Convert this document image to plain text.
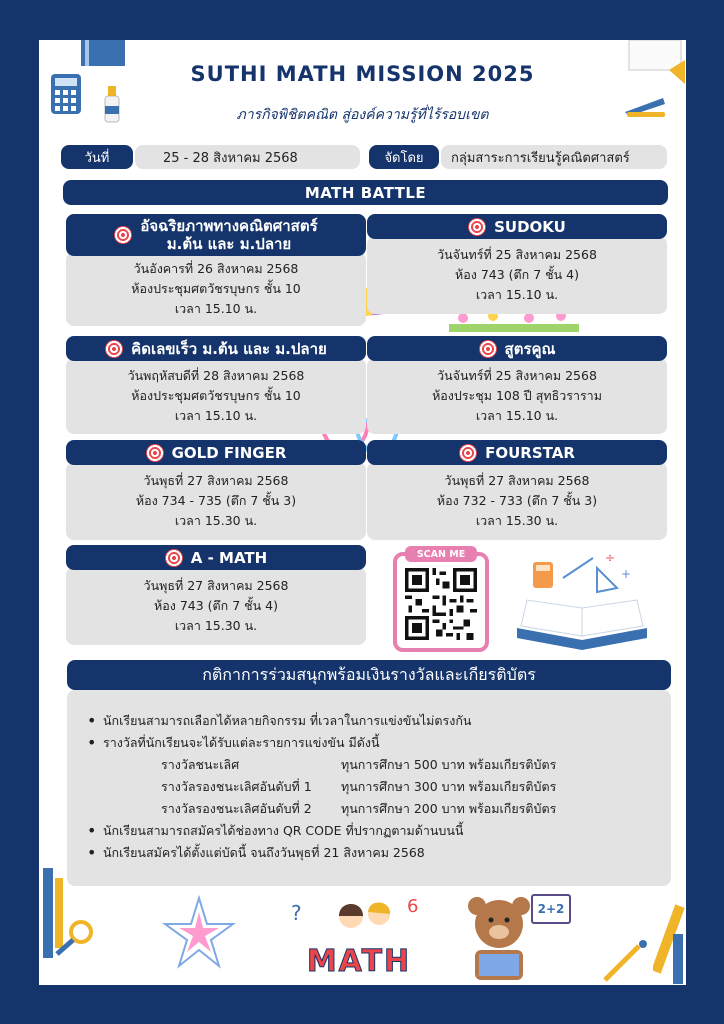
SUTHI MATH MISSION 2025
ภารกิจพิชิตคณิต สู่องค์ความรู้ที่ไร้รอบเขต
วันที่	25 - 28 สิงหาคม 2568	จัดโดย	กลุ่มสาระการเรียนรู้คณิตศาสตร์
MATH BATTLE
อัจฉริยภาพทางคณิตศาสตร์
ม.ต้น และ ม.ปลาย
วันอังคารที่ 26 สิงหาคม 2568
ห้องประชุมศตวัชรบุษกร ชั้น 10
เวลา 15.10 น.
SUDOKU
วันจันทร์ที่ 25 สิงหาคม 2568
ห้อง 743 (ตึก 7 ชั้น 4)
เวลา 15.10 น.
คิดเลขเร็ว ม.ต้น และ ม.ปลาย
วันพฤหัสบดีที่ 28 สิงหาคม 2568
ห้องประชุมศตวัชรบุษกร ชั้น 10
เวลา 15.10 น.
สูตรคูณ
วันจันทร์ที่ 25 สิงหาคม 2568
ห้องประชุม 108 ปี สุทธิวราราม
เวลา 15.10 น.
GOLD FINGER
วันพุธที่ 27 สิงหาคม 2568
ห้อง 734 - 735 (ตึก 7 ชั้น 3)
เวลา 15.30 น.
FOURSTAR
วันพุธที่ 27 สิงหาคม 2568
ห้อง 732 - 733 (ตึก 7 ชั้น 3)
เวลา 15.30 น.
A - MATH
วันพุธที่ 27 สิงหาคม 2568
ห้อง 743 (ตึก 7 ชั้น 4)
เวลา 15.30 น.
SCAN ME	÷
+
กติกาการร่วมสนุกพร้อมเงินรางวัลและเกียรติบัตร
• นักเรียนสามารถเลือกได้หลายกิจกรรม ที่เวลาในการแข่งขันไม่ตรงกัน
• รางวัลที่นักเรียนจะได้รับแต่ละรายการแข่งขัน มีดังนี้
รางวัลชนะเลิศ	ทุนการศึกษา 500 บาท พร้อมเกียรติบัตร
รางวัลรองชนะเลิศอันดับที่ 1	ทุนการศึกษา 300 บาท พร้อมเกียรติบัตร
รางวัลรองชนะเลิศอันดับที่ 2	ทุนการศึกษา 200 บาท พร้อมเกียรติบัตร
• นักเรียนสามารถสมัครได้ช่องทาง QR CODE ที่ปรากฏตามด้านบนนี้
• นักเรียนสมัครได้ตั้งแต่บัดนี้ จนถึงวันพุธที่ 21 สิงหาคม 2568
?	6
MATH
2+2
